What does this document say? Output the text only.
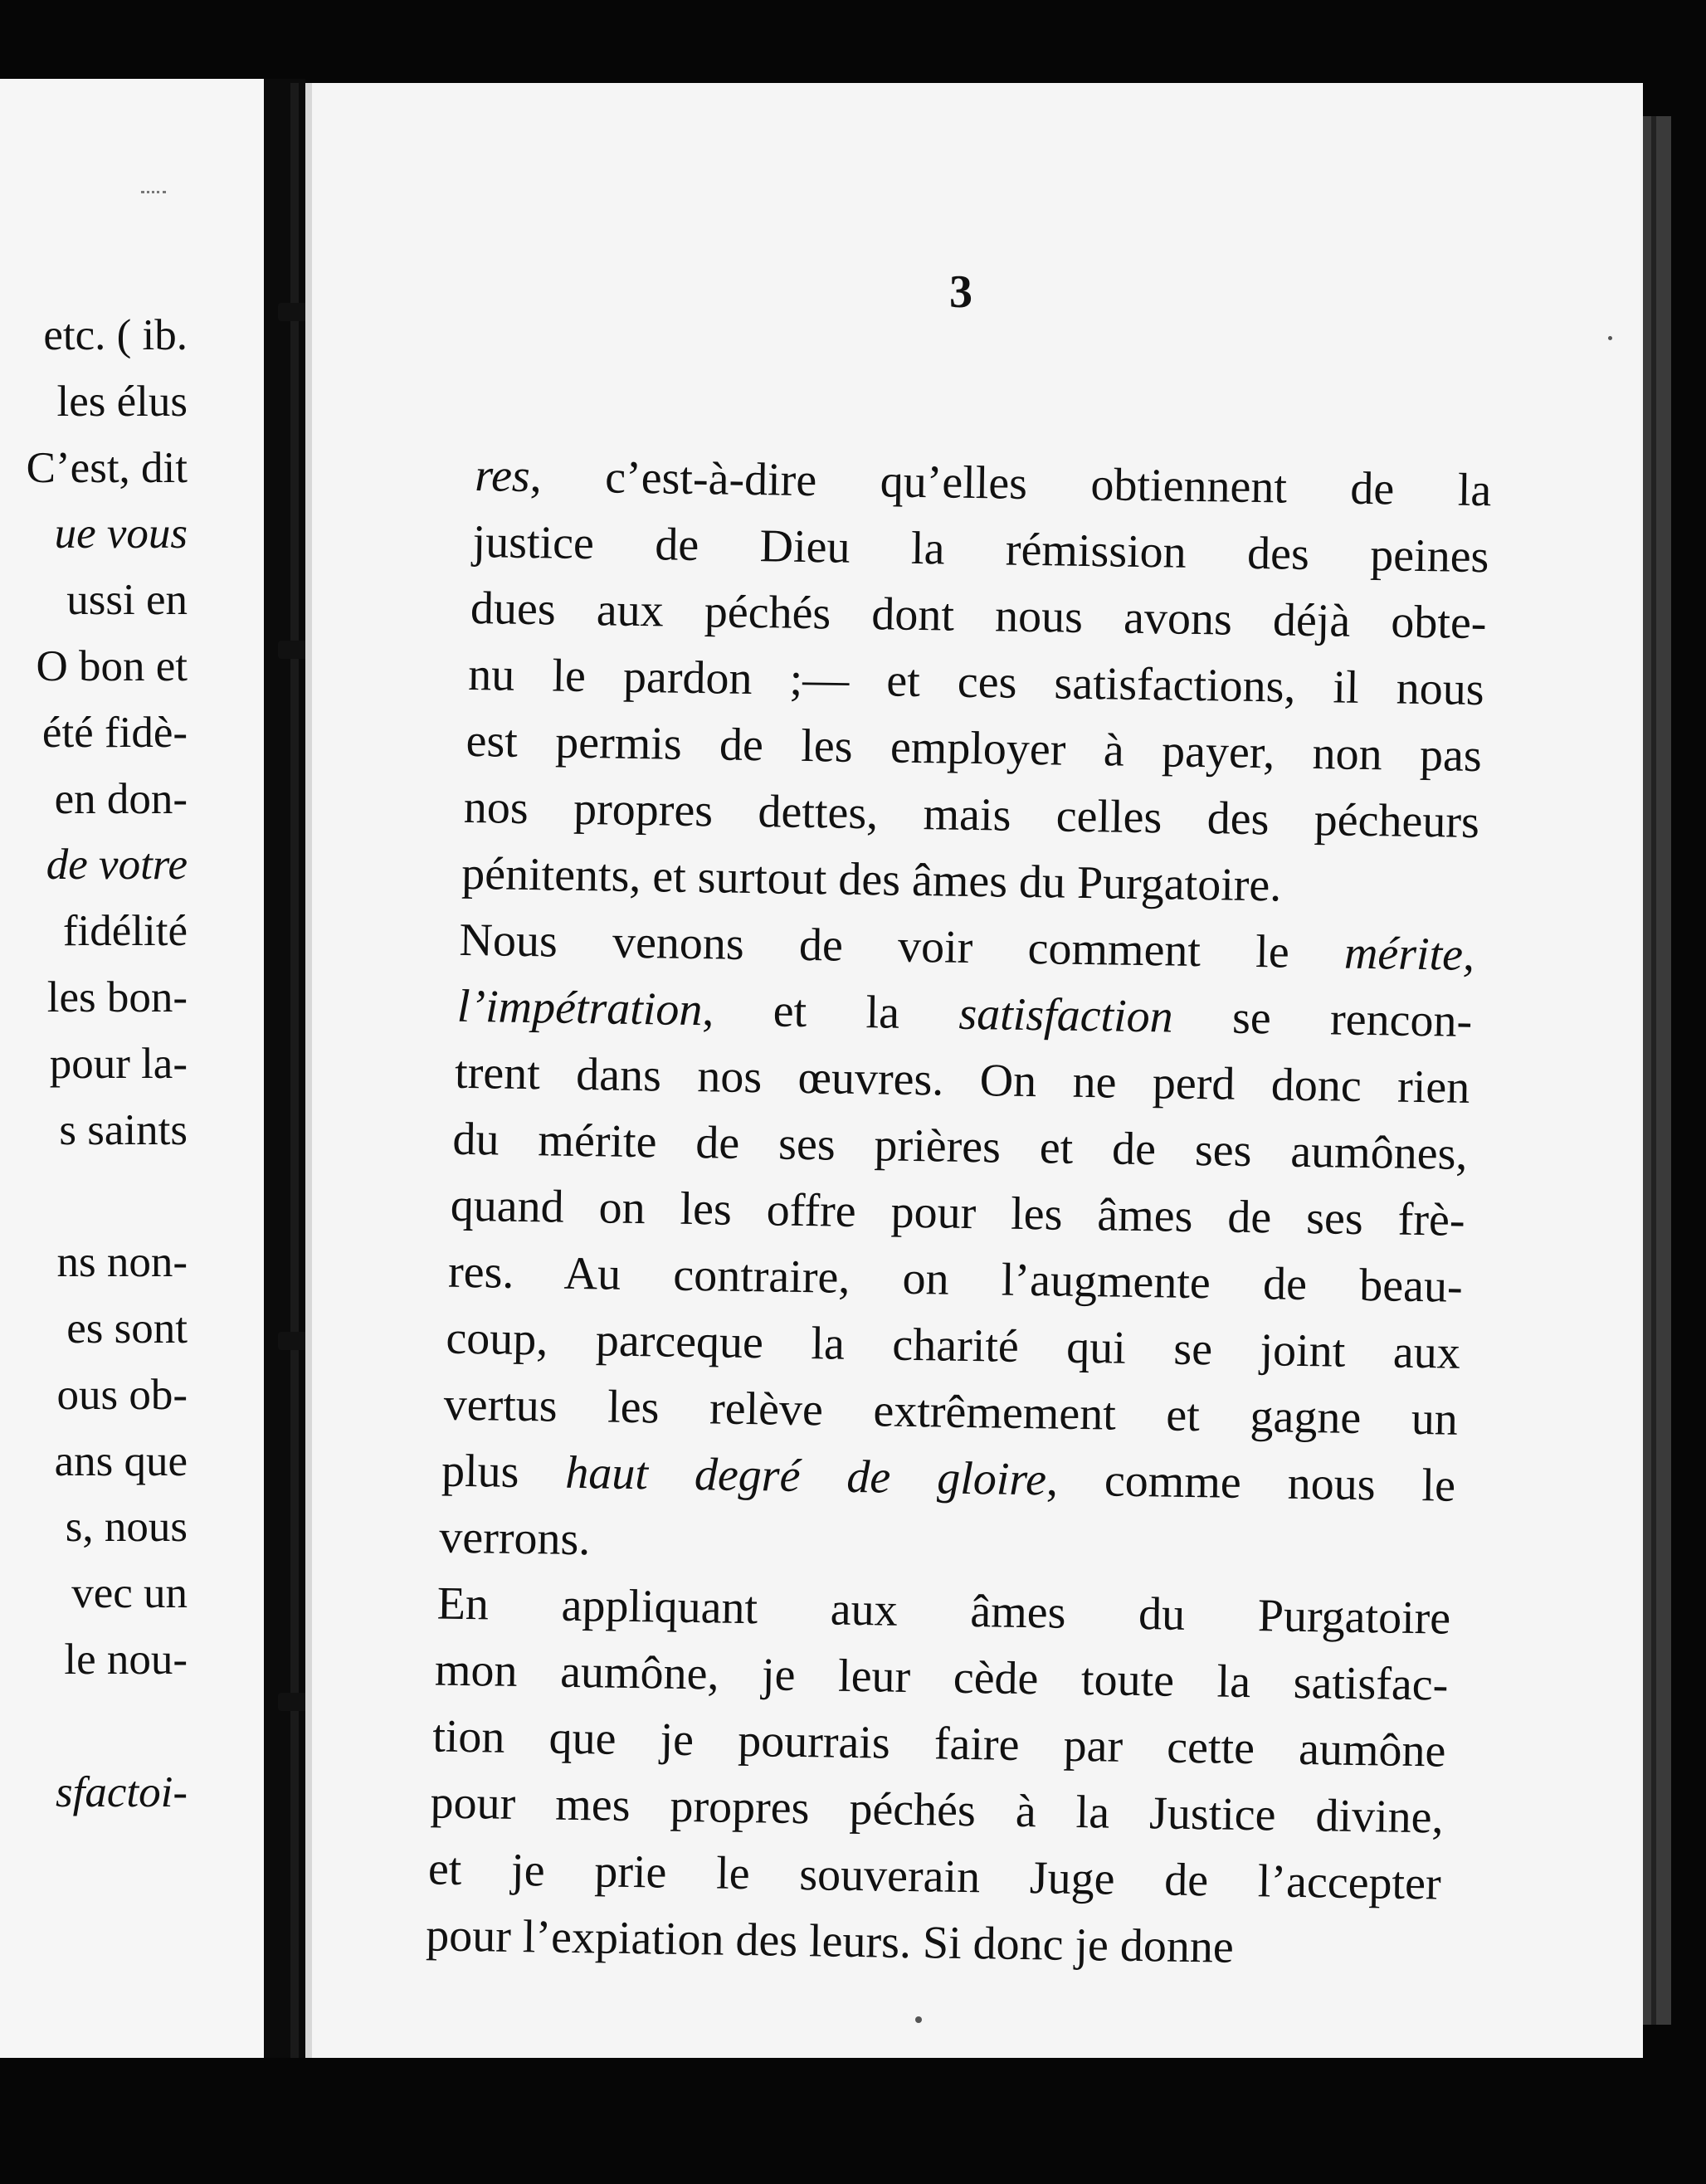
etc. ( ib.
les élus
C’est, dit
ue vous
ussi en
O bon et
été fidè-
en don-
de votre
fidélité
les bon-
pour la-
s saints
ns non-
es sont
ous ob-
ans que
s, nous
vec un
le nou-
sfactoi-
3
res, c’est-à-dire qu’elles obtiennent de la
justice de Dieu la rémission des peines
dues aux péchés dont nous avons déjà obte-
nu le pardon ;— et ces satisfactions, il nous
est permis de les employer à payer, non pas
nos propres dettes, mais celles des pécheurs
pénitents, et surtout des âmes du Purgatoire.
Nous venons de voir comment le mérite,
l’impétration, et la satisfaction se rencon-
trent dans nos œuvres. On ne perd donc rien
du mérite de ses prières et de ses aumônes,
quand on les offre pour les âmes de ses frè-
res. Au contraire, on l’augmente de beau-
coup, parceque la charité qui se joint aux
vertus les relève extrêmement et gagne un
plus haut degré de gloire, comme nous le
verrons.
En appliquant aux âmes du Purgatoire
mon aumône, je leur cède toute la satisfac-
tion que je pourrais faire par cette aumône
pour mes propres péchés à la Justice divine,
et je prie le souverain Juge de l’accepter
pour l’expiation des leurs. Si donc je donne
